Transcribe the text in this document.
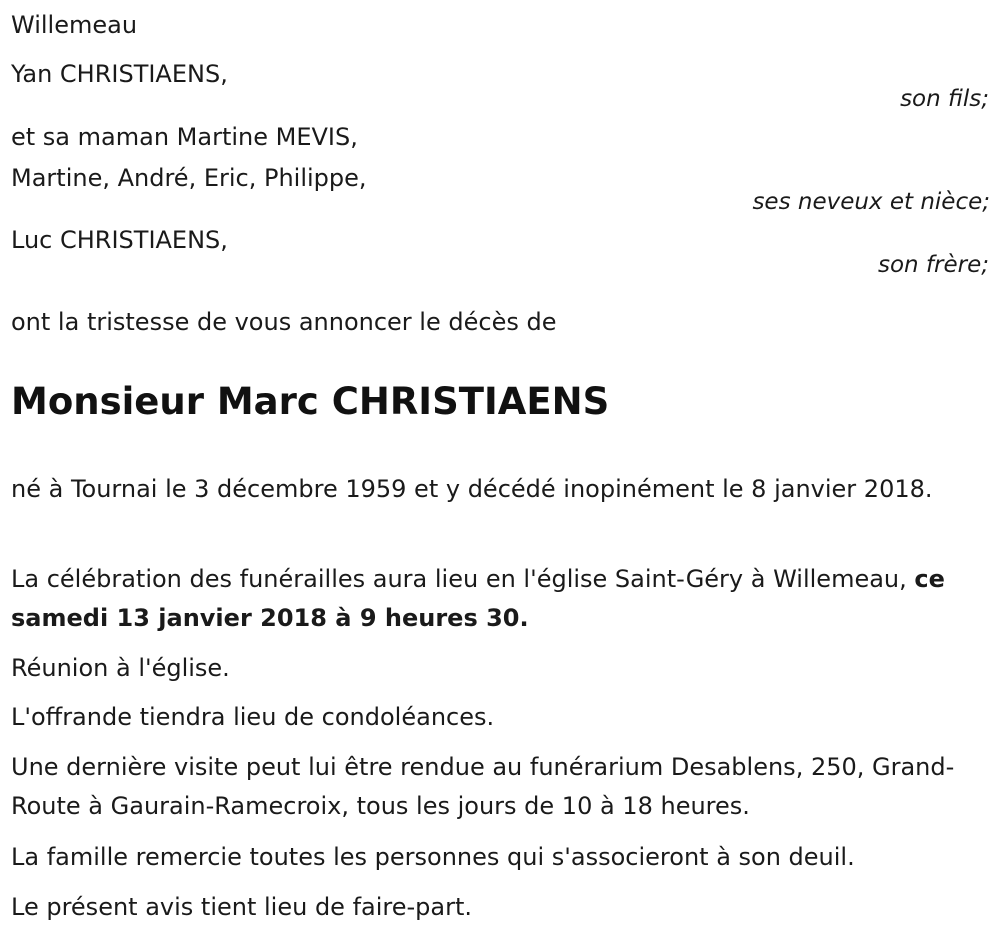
Willemeau
Yan CHRISTIAENS,
son fils;
et sa maman Martine MEVIS,
Martine, André, Eric, Philippe,
ses neveux et nièce;
Luc CHRISTIAENS,
son frère;
ont la tristesse de vous annoncer le décès de
Monsieur Marc CHRISTIAENS
né à Tournai le 3 décembre 1959 et y décédé inopinément le 8 janvier 2018.
La célébration des funérailles aura lieu en l'église Saint-Géry à Willemeau, ce samedi 13 janvier 2018 à 9 heures 30.
Réunion à l'église.
L'offrande tiendra lieu de condoléances.
Une dernière visite peut lui être rendue au funérarium Desablens, 250, Grand-Route à Gaurain-Ramecroix, tous les jours de 10 à 18 heures.
La famille remercie toutes les personnes qui s'associeront à son deuil.
Le présent avis tient lieu de faire-part.
